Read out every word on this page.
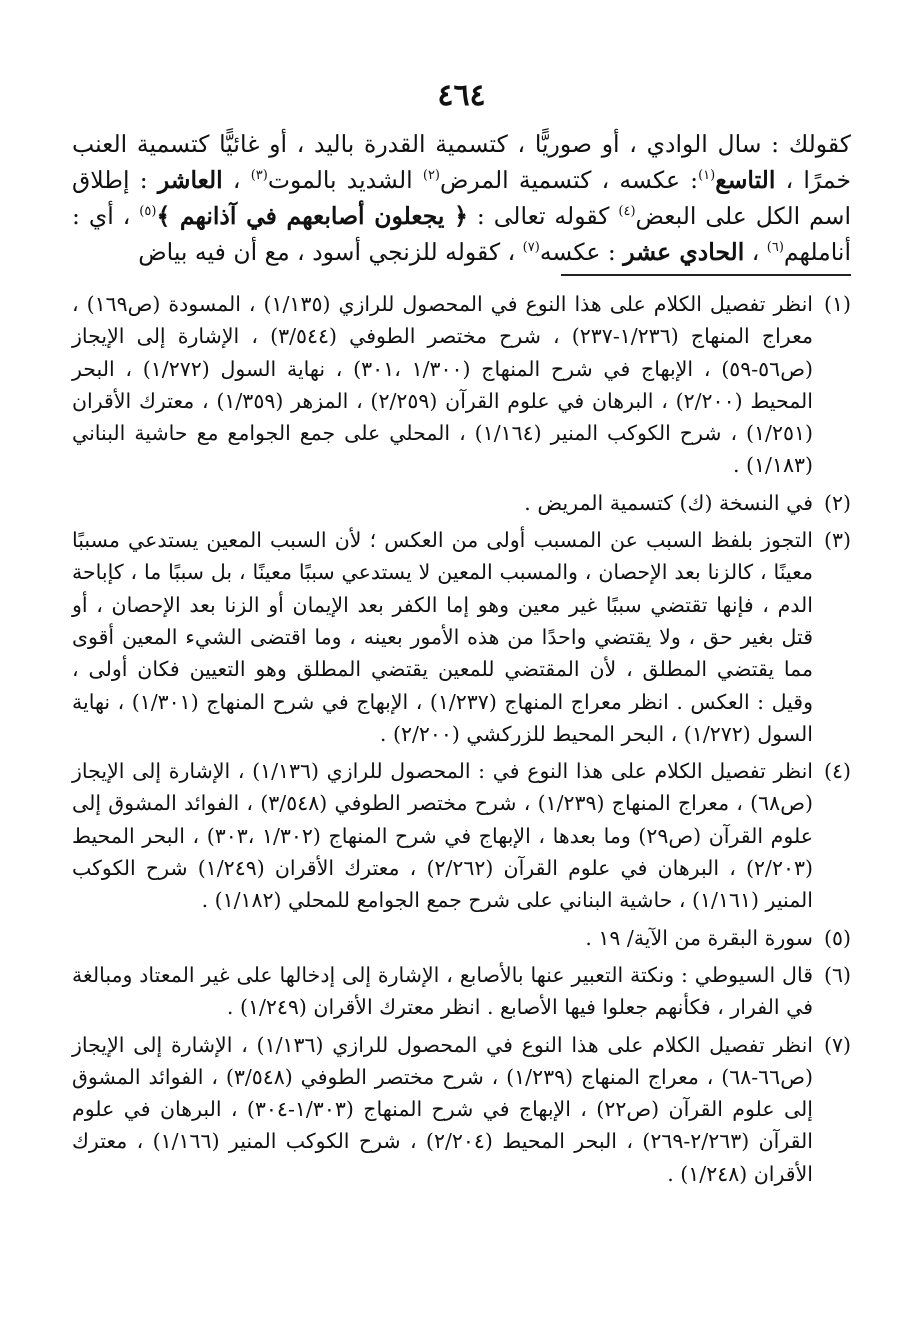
٤٦٤
كقولك : سال الوادي ، أو صوريًّا ، كتسمية القدرة باليد ، أو غائيًّا كتسمية العنب خمرًا ، التاسع$^{(١)}$: عكسه ، كتسمية المرض$^{(٢)}$ الشديد بالموت$^{(٣)}$ ، العاشر : إطلاق اسم الكل على البعض$^{(٤)}$ كقوله تعالى : ﴿ يجعلون أصابعهم في آذانهم ﴾$^{(٥)}$ ، أي : أناملهم$^{(٦)}$ ، الحادي عشر : عكسه$^{(٧)}$ ، كقوله للزنجي أسود ، مع أن فيه بياض
(١)
انظر تفصيل الكلام على هذا النوع في المحصول للرازي (١/١٣٥) ، المسودة (ص١٦٩) ، معراج المنهاج (١/٢٣٦-٢٣٧) ، شرح مختصر الطوفي (٣/٥٤٤) ، الإشارة إلى الإيجاز (ص٥٦-٥٩) ، الإبهاج في شرح المنهاج (١/٣٠٠ ،٣٠١) ، نهاية السول (١/٢٧٢) ، البحر المحيط (٢/٢٠٠) ، البرهان في علوم القرآن (٢/٢٥٩) ، المزهر (١/٣٥٩) ، معترك الأقران (١/٢٥١) ، شرح الكوكب المنير (١/١٦٤) ، المحلي على جمع الجوامع مع حاشية البناني (١/١٨٣) .
(٢)
في النسخة (ك) كتسمية المريض .
(٣)
التجوز بلفظ السبب عن المسبب أولى من العكس ؛ لأن السبب المعين يستدعي مسببًا معينًا ، كالزنا بعد الإحصان ، والمسبب المعين لا يستدعي سببًا معينًا ، بل سببًا ما ، كإباحة الدم ، فإنها تقتضي سببًا غير معين وهو إما الكفر بعد الإيمان أو الزنا بعد الإحصان ، أو قتل بغير حق ، ولا يقتضي واحدًا من هذه الأمور بعينه ، وما اقتضى الشيء المعين أقوى مما يقتضي المطلق ، لأن المقتضي للمعين يقتضي المطلق وهو التعيين فكان أولى ، وقيل : العكس . انظر معراج المنهاج (١/٢٣٧) ، الإبهاج في شرح المنهاج (١/٣٠١) ، نهاية السول (١/٢٧٢) ، البحر المحيط للزركشي (٢/٢٠٠) .
(٤)
انظر تفصيل الكلام على هذا النوع في : المحصول للرازي (١/١٣٦) ، الإشارة إلى الإيجاز (ص٦٨) ، معراج المنهاج (١/٢٣٩) ، شرح مختصر الطوفي (٣/٥٤٨) ، الفوائد المشوق إلى علوم القرآن (ص٢٩) وما بعدها ، الإبهاج في شرح المنهاج (١/٣٠٢ ،٣٠٣) ، البحر المحيط (٢/٢٠٣) ، البرهان في علوم القرآن (٢/٢٦٢) ، معترك الأقران (١/٢٤٩) شرح الكوكب المنير (١/١٦١) ، حاشية البناني على شرح جمع الجوامع للمحلي (١/١٨٢) .
(٥)
سورة البقرة من الآية/ ١٩ .
(٦)
قال السيوطي : ونكتة التعبير عنها بالأصابع ، الإشارة إلى إدخالها على غير المعتاد ومبالغة في الفرار ، فكأنهم جعلوا فيها الأصابع . انظر معترك الأقران (١/٢٤٩) .
(٧)
انظر تفصيل الكلام على هذا النوع في المحصول للرازي (١/١٣٦) ، الإشارة إلى الإيجاز (ص٦٦-٦٨) ، معراج المنهاج (١/٢٣٩) ، شرح مختصر الطوفي (٣/٥٤٨) ، الفوائد المشوق إلى علوم القرآن (ص٢٢) ، الإبهاج في شرح المنهاج (١/٣٠٣-٣٠٤) ، البرهان في علوم القرآن (٢/٢٦٣-٢٦٩) ، البحر المحيط (٢/٢٠٤) ، شرح الكوكب المنير (١/١٦٦) ، معترك الأقران (١/٢٤٨) .
